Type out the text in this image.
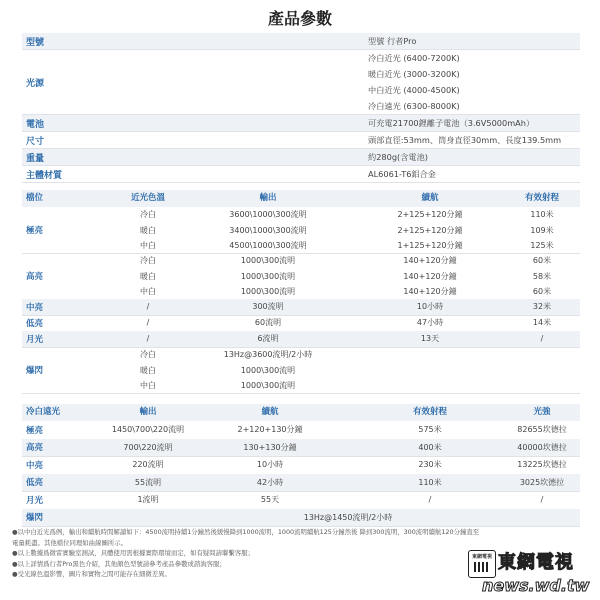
產品參數
型號	型號 行者Pro
光源
冷白近光 (6400-7200K)
暖白近光 (3000-3200K)
中白近光 (4000-4500K)
冷白遠光 (6300-8000K)
電池	可充電21700鋰離子電池（3.6V5000mAh）
尺寸	頭部直徑:53mm、筒身直徑30mm、長度139.5mm
重量	約280g(含電池)
主體材質	AL6061-T6鋁合金
檔位	近光色溫	輸出	續航	有效射程
極亮
冷白	3600\1000\300流明	2+125+120分鐘	110米
暖白	3400\1000\300流明	2+125+120分鐘	109米
中白	4500\1000\300流明	1+125+120分鐘	125米
高亮
冷白	1000\300流明	140+120分鐘	60米
暖白	1000\300流明	140+120分鐘	58米
中白	1000\300流明	140+120分鐘	60米
中亮	/	300流明	10小時	32米
低亮	/	60流明	47小時	14米
月光	/	6流明	13天	/
爆閃
冷白	13Hz@3600流明/2小時
暖白	1000\300流明
中白	1000\300流明
冷白遠光	輸出	續航	有效射程	光強
極亮	1450\700\220流明	2+120+130分鐘	575米	82655坎德拉
高亮	700\220流明	130+130分鐘	400米	40000坎德拉
中亮	220流明	10小時	230米	13225坎德拉
低亮	55流明	42小時	110米	3025坎德拉
月光	1流明	55天	/	/
爆閃	13Hz@1450流明/2小時
●以中白近光爲例，輸出和續航時間解讀如下：4500流明持續1分鐘然後緩慢降到1000流明，1000流明續航125分鐘然後 降到300流明，300流明續航120分鐘直至
電量耗盡。其他檔位同理如曲線圖所示。
●以上數據爲微雷實驗室測試，具體使用需根據實際環境而定，如有疑問請聯繫客服；
●以上詳情爲行者Pro黑色介紹，其他顏色型號請參考產品參數或諮詢客服；
●受光線色溫影響，圖片和實物之間可能存在細微差異。
東網電視 東網電視
news.wd.tw
